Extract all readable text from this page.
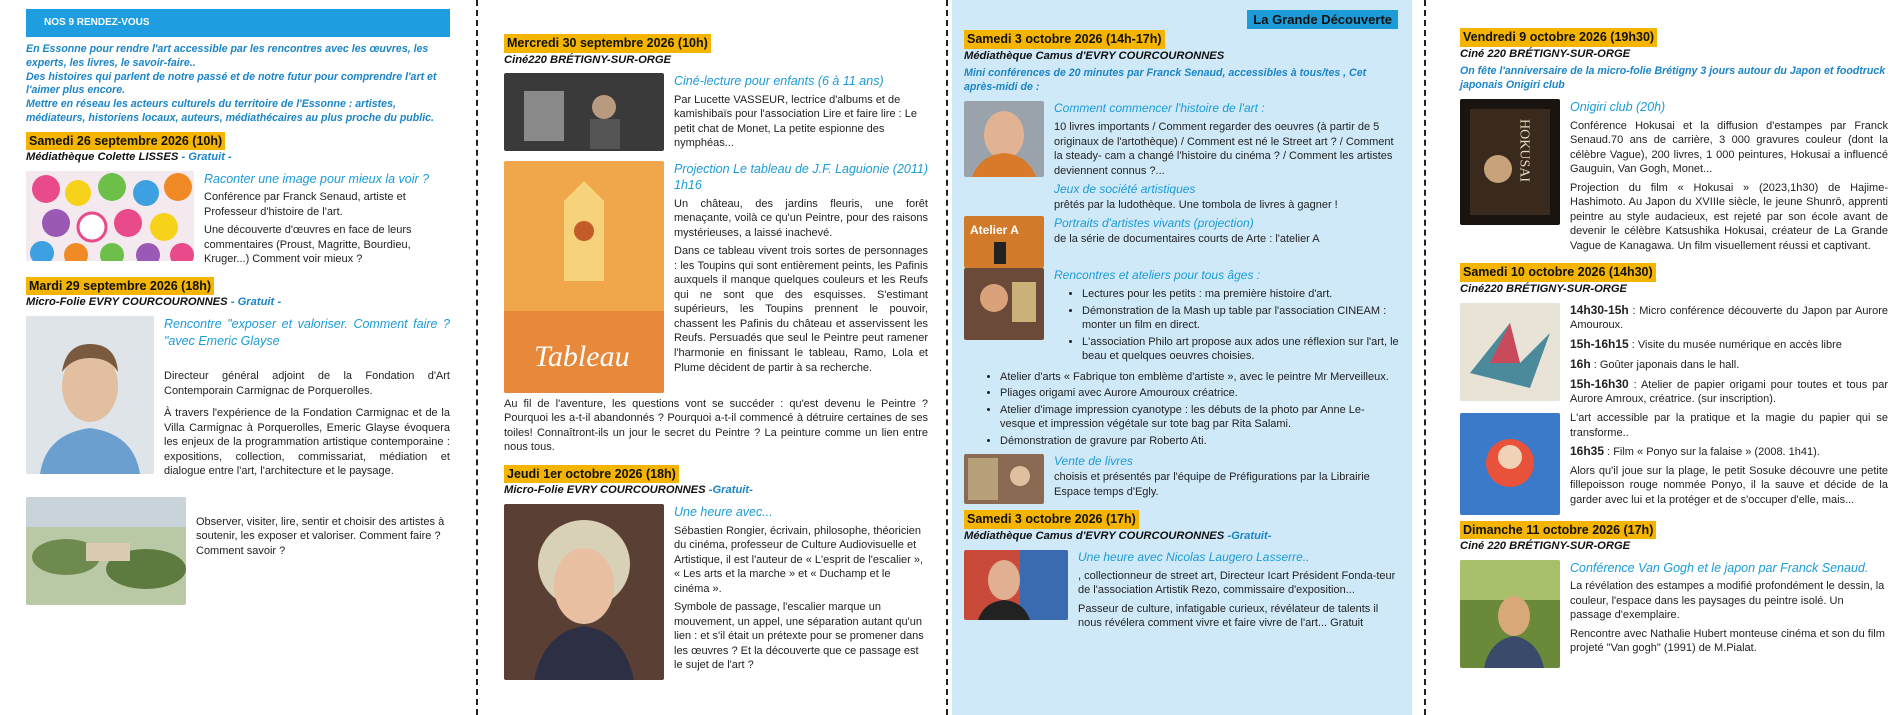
NOS 9 RENDEZ-VOUS
En Essonne pour rendre l'art accessible par les rencontres avec les œuvres, les experts, les livres, le savoir-faire..
Des histoires qui parlent de notre passé et de notre futur pour comprendre l'art et l'aimer plus encore.
Mettre en réseau les acteurs culturels du territoire de l'Essonne : artistes, médiateurs, historiens locaux, auteurs, médiathécaires au plus proche du public.
Samedi 26 septembre 2026 (10h)
Médiathèque Colette LISSES - Gratuit -
Raconter une image pour mieux la voir ?

Conférence par Franck Senaud, artiste et Professeur d'histoire de l'art.

Une découverte d'œuvres en face de leurs commentaires (Proust, Magritte, Bourdieu, Kruger...) Comment voir mieux ?

Mardi 29 septembre 2026 (18h)
Micro-Folie EVRY COURCOURONNES - Gratuit -
Rencontre "exposer et valoriser. Comment faire ? "avec Emeric Glayse

Directeur général adjoint de la Fondation d'Art Contemporain Carmignac de Porquerolles.

À travers l'expérience de la Fondation Carmignac et de la Villa Carmignac à Porquerolles, Emeric Glayse évoquera les enjeux de la programmation artistique contemporaine : expositions, collection, commissariat, médiation et dialogue entre l'art, l'architecture et le paysage.

Observer, visiter, lire, sentir et choisir des artistes à soutenir, les exposer et valoriser. Comment faire ? Comment savoir ?

Mercredi 30 septembre 2026 (10h)
Ciné220 BRÉTIGNY-SUR-ORGE
Ciné-lecture pour enfants (6 à 11 ans)

Par Lucette VASSEUR, lectrice d'albums et de kamishibaïs pour l'association Lire et faire lire : Le petit chat de Monet, La petite espionne des nymphéas...

Tableau
Projection Le tableau de J.F. Laguionie (2011) 1h16

Un château, des jardins fleuris, une forêt menaçante, voilà ce qu'un Peintre, pour des raisons mystérieuses, a laissé inachevé.

Dans ce tableau vivent trois sortes de personnages : les Toupins qui sont entièrement peints, les Pafinis auxquels il manque quelques couleurs et les Reufs qui ne sont que des esquisses. S'estimant supérieurs, les Toupins prennent le pouvoir, chassent les Pafinis du château et asservissent les Reufs. Persuadés que seul le Peintre peut ramener l'harmonie en finissant le tableau, Ramo, Lola et Plume décident de partir à sa recherche.

Au fil de l'aventure, les questions vont se succéder : qu'est devenu le Peintre ? Pourquoi les a-t-il abandonnés ? Pourquoi a-t-il commencé à détruire certaines de ses toiles! Connaîtront-ils un jour le secret du Peintre ? La peinture comme un lien entre nous tous.

Jeudi 1er octobre 2026 (18h)
Micro-Folie EVRY COURCOURONNES -Gratuit-
Une heure avec...

Sébastien Rongier, écrivain, philosophe, théoricien du cinéma, professeur de Culture Audiovisuelle et Artistique, il est l'auteur de « L'esprit de l'escalier », « Les arts et la marche » et « Duchamp et le cinéma ».

Symbole de passage, l'escalier marque un mouvement, un appel, une séparation autant qu'un lien : et s'il était un prétexte pour se promener dans les œuvres ? Et la découverte que ce passage est le sujet de l'art ?

La Grande Découverte
Samedi 3 octobre 2026 (14h-17h)
Médiathèque Camus d'EVRY COURCOURONNES
Mini conférences de 20 minutes par Franck Senaud, accessibles à tous/tes , Cet après-midi de :
Comment commencer l'histoire de l'art :

10 livres importants / Comment regarder des oeuvres (à partir de 5 originaux de l'artothèque) / Comment est né le Street art ? / Comment la steady- cam a changé l'histoire du cinéma ? / Comment les artistes deviennent connus ?...

Jeux de société artistiques

prêtés par la ludothèque. Une tombola de livres à gagner !

Atelier A	Portraits d'artistes vivants (projection)

de la série de documentaires courts de Arte : l'atelier A

Rencontres et ateliers pour tous âges :
• Lectures pour les petits : ma première histoire d'art.
• Démonstration de la Mash up table par l'association CINEAM : monter un film en direct.
• L'association Philo art propose aux ados une réflexion sur l'art, le beau et quelques oeuvres choisies.
• Atelier d'arts « Fabrique ton emblème d'artiste », avec le peintre Mr Merveilleux.
• Pliages origami avec Aurore Amouroux créatrice.
• Atelier d'image impression cyanotype : les débuts de la photo par Anne Le-vesque et impression végétale sur tote bag par Rita Salami.
• Démonstration de gravure par Roberto Ati.
Vente de livres

choisis et présentés par l'équipe de Préfigurations par la Librairie Espace temps d'Egly.

Samedi 3 octobre 2026 (17h)
Médiathèque Camus d'EVRY COURCOURONNES -Gratuit-
Une heure avec Nicolas Laugero Lasserre..

, collectionneur de street art, Directeur Icart Président Fonda-teur de l'association Artistik Rezo, commissaire d'exposition...

Passeur de culture, infatigable curieux, révélateur de talents il nous révélera comment vivre et faire vivre de l'art... Gratuit

Vendredi 9 octobre 2026 (19h30)
Ciné 220 BRÉTIGNY-SUR-ORGE
On fête l'anniversaire de la micro-folie Brétigny 3 jours autour du Japon et foodtruck japonais Onigiri club
HOKUSAI
Onigiri club (20h)

Conférence Hokusai et la diffusion d'estampes par Franck Senaud.70 ans de carrière, 3 000 gravures couleur (dont la célèbre Vague), 200 livres, 1 000 peintures, Hokusai a influencé Gauguin, Van Gogh, Monet...

Projection du film « Hokusai » (2023,1h30) de Hajime-Hashimoto. Au Japon du XVIIIe siècle, le jeune Shunrō, apprenti peintre au style audacieux, est rejeté par son école avant de devenir le célèbre Katsushika Hokusai, créateur de La Grande Vague de Kanagawa. Un film visuellement réussi et captivant.

Samedi 10 octobre 2026 (14h30)
Ciné220 BRÉTIGNY-SUR-ORGE

14h30-15h : Micro conférence découverte du Japon par Aurore Amouroux.

15h-16h15 : Visite du musée numérique en accès libre

16h : Goûter japonais dans le hall.

15h-16h30 : Atelier de papier origami pour toutes et tous par Aurore Amroux, créatrice. (sur inscription).

L'art accessible par la pratique et la magie du papier qui se transforme..

16h35 : Film « Ponyo sur la falaise » (2008. 1h41).

Alors qu'il joue sur la plage, le petit Sosuke découvre une petite fillepoisson rouge nommée Ponyo, il la sauve et décide de la garder avec lui et la protéger et de s'occuper d'elle, mais...

Dimanche 11 octobre 2026 (17h)
Ciné 220 BRÉTIGNY-SUR-ORGE
Conférence Van Gogh et le japon par Franck Senaud.

La révélation des estampes a modifié profondément le dessin, la couleur, l'espace dans les paysages du peintre isolé. Un passage d'exemplaire.

Rencontre avec Nathalie Hubert monteuse cinéma et son du film projeté "Van gogh" (1991) de M.Pialat.
